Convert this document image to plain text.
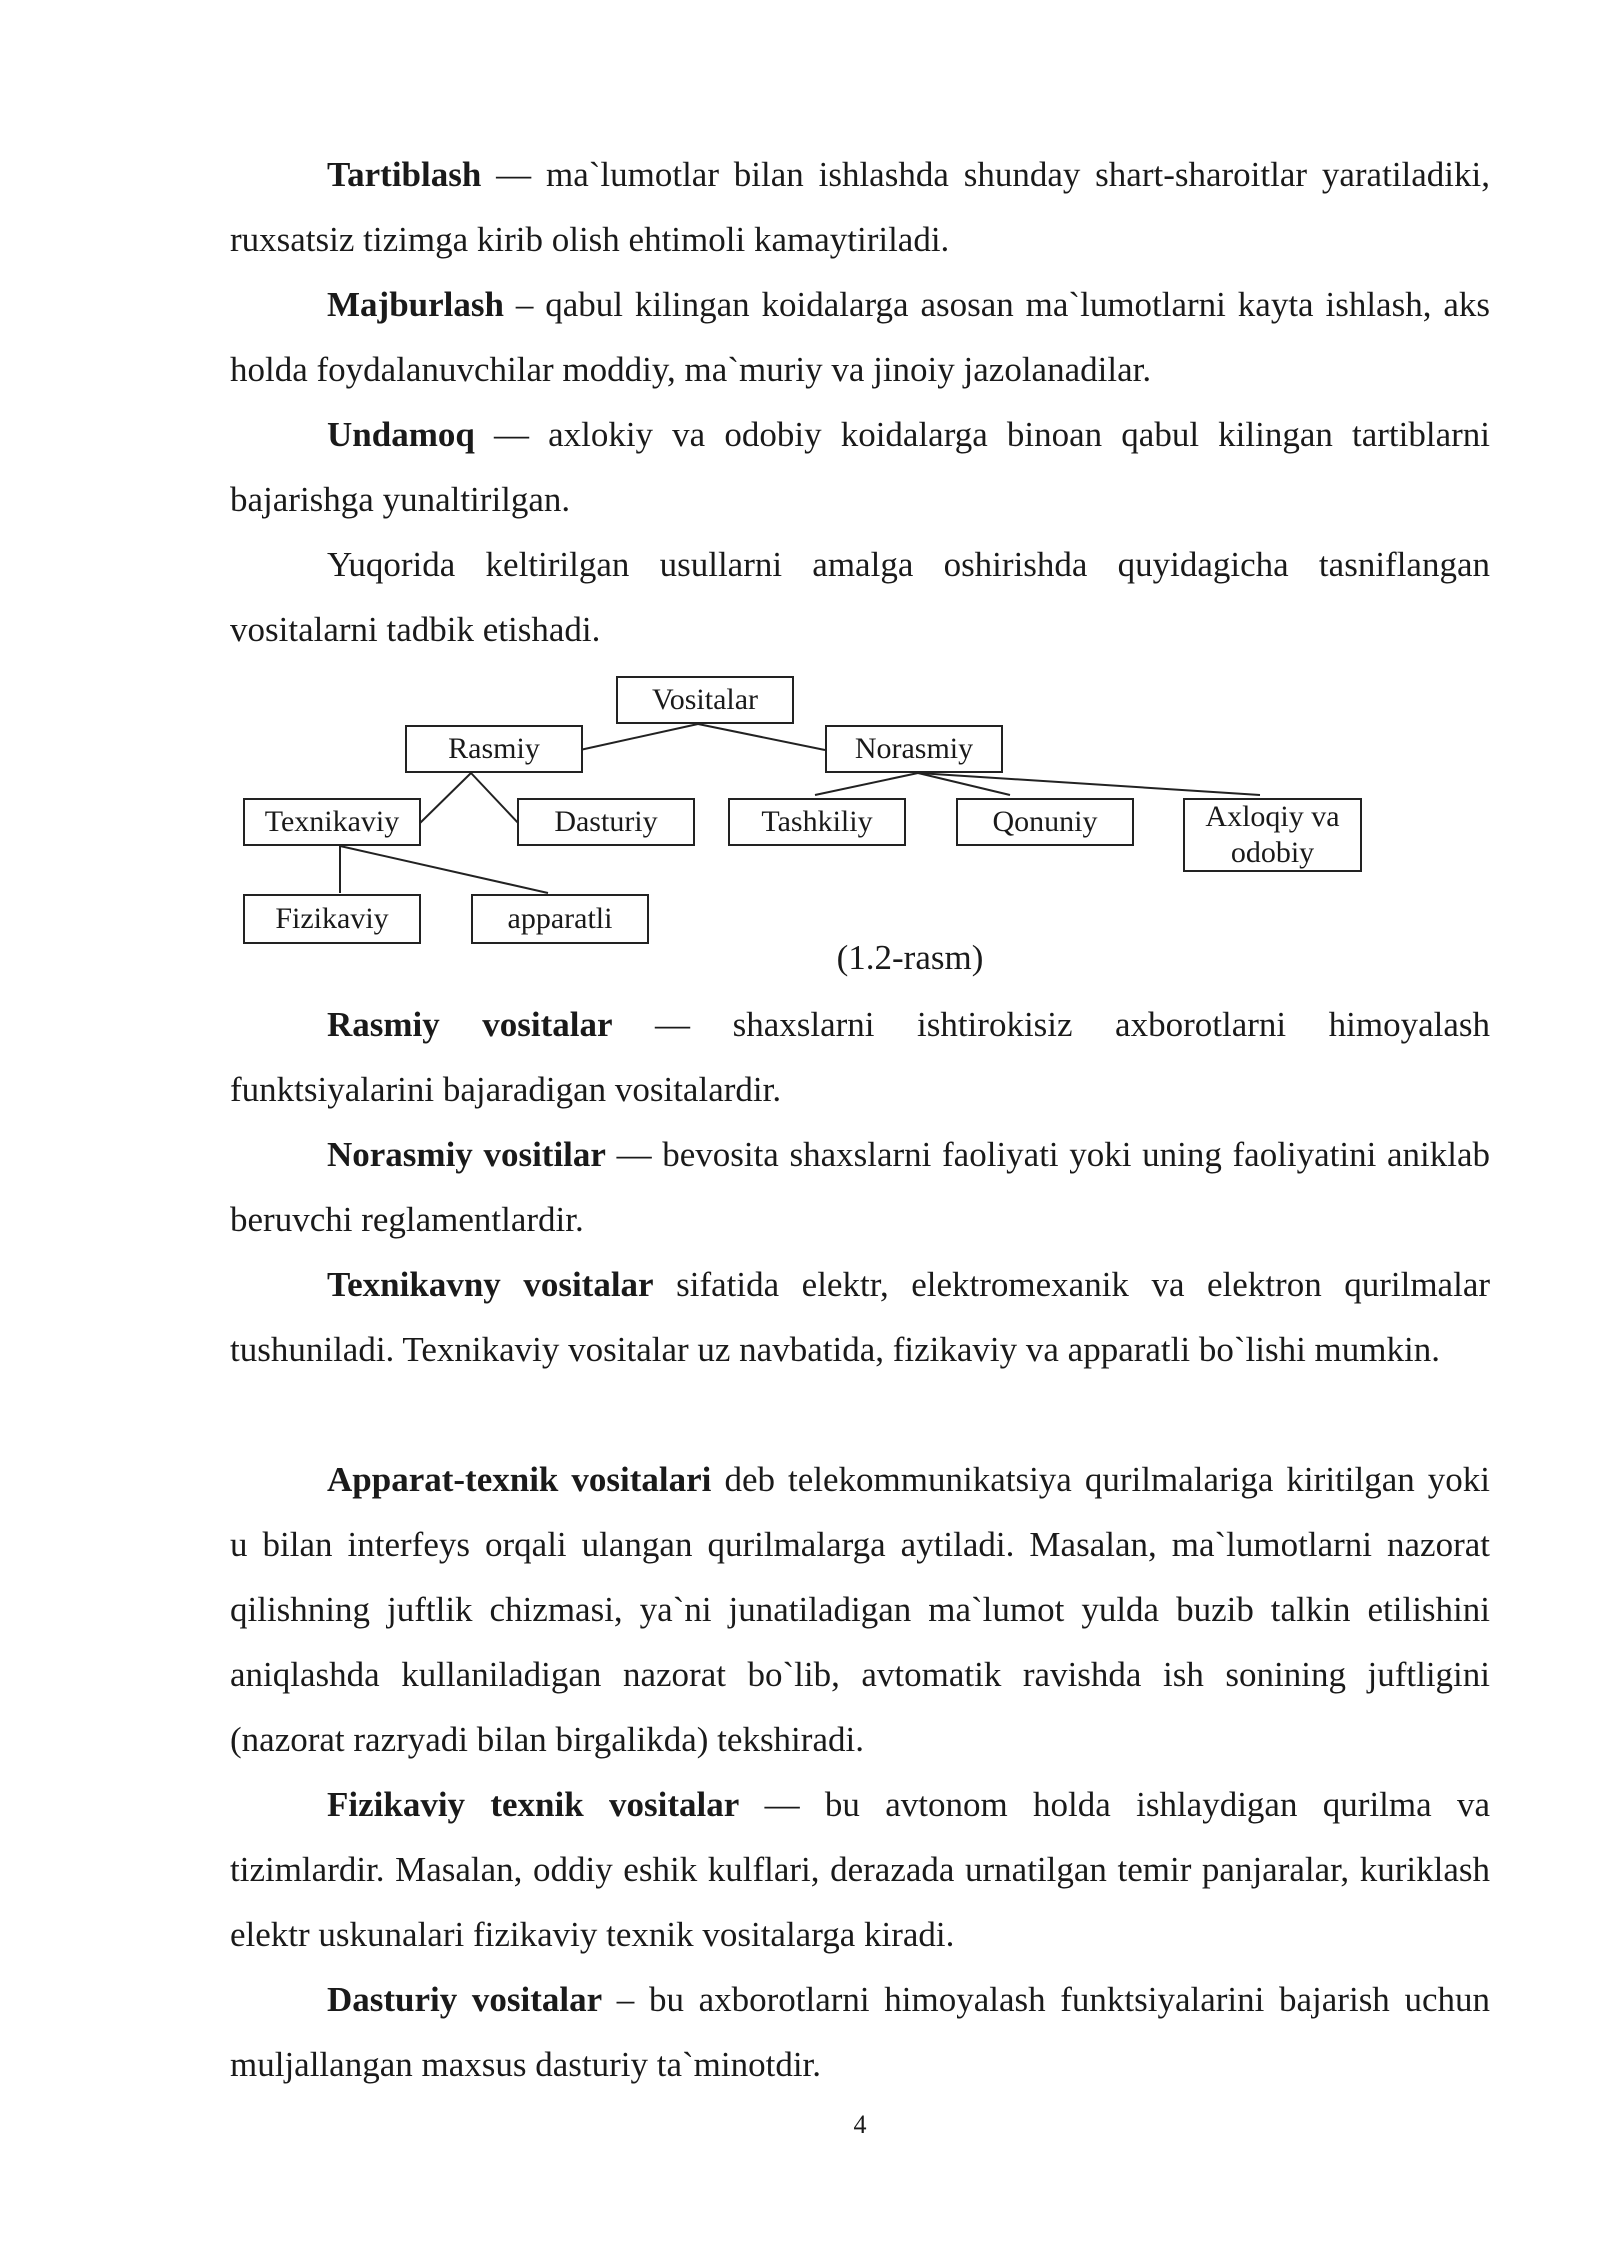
Tartiblash — ma`lumotlar bilan ishlashda shunday shart-sharoitlar yaratiladiki, ruxsatsiz tizimga kirib olish ehtimoli kamaytiriladi.

Majburlash – qabul kilingan koidalarga asosan ma`lumotlarni kayta ishlash, aks holda foydalanuvchilar moddiy, ma`muriy va jinoiy jazolanadilar.

Undamoq — axlokiy va odobiy koidalarga binoan qabul kilingan tartiblarni bajarishga yunaltirilgan.

Yuqorida keltirilgan usullarni amalga oshirishda quyidagicha tasniflangan vositalarni tadbik etishadi.

Vositalar
Rasmiy	Norasmiy
Texnikaviy	Dasturiy	Tashkiliy	Qonuniy	Axloqiy va
odobiy
Fizikaviy	apparatli
(1.2-rasm)

Rasmiy vositalar — shaxslarni ishtirokisiz axborotlarni himoyalash funktsiyalarini bajaradigan vositalardir.

Norasmiy vositilar — bevosita shaxslarni faoliyati yoki uning faoliyatini aniklab beruvchi reglamentlardir.

Texnikavny vositalar sifatida elektr, elektromexanik va elektron qurilmalar tushuniladi. Texnikaviy vositalar uz navbatida, fizikaviy va apparatli bo`lishi mumkin.

Apparat-texnik vositalari deb telekommunikatsiya qurilmalariga kiritilgan yoki u bilan interfeys orqali ulangan qurilmalarga aytiladi. Masalan, ma`lumotlarni nazorat qilishning juftlik chizmasi, ya`ni junatiladigan ma`lumot yulda buzib talkin etilishini aniqlashda kullaniladigan nazorat bo`lib, avtomatik ravishda ish sonining juftligini (nazorat razryadi bilan birgalikda) tekshiradi.

Fizikaviy texnik vositalar — bu avtonom holda ishlaydigan qurilma va tizimlardir. Masalan, oddiy eshik kulflari, derazada urnatilgan temir panjaralar, kuriklash elektr uskunalari fizikaviy texnik vositalarga kiradi.

Dasturiy vositalar – bu axborotlarni himoyalash funktsiyalarini bajarish uchun muljallangan maxsus dasturiy ta`minotdir.

4
